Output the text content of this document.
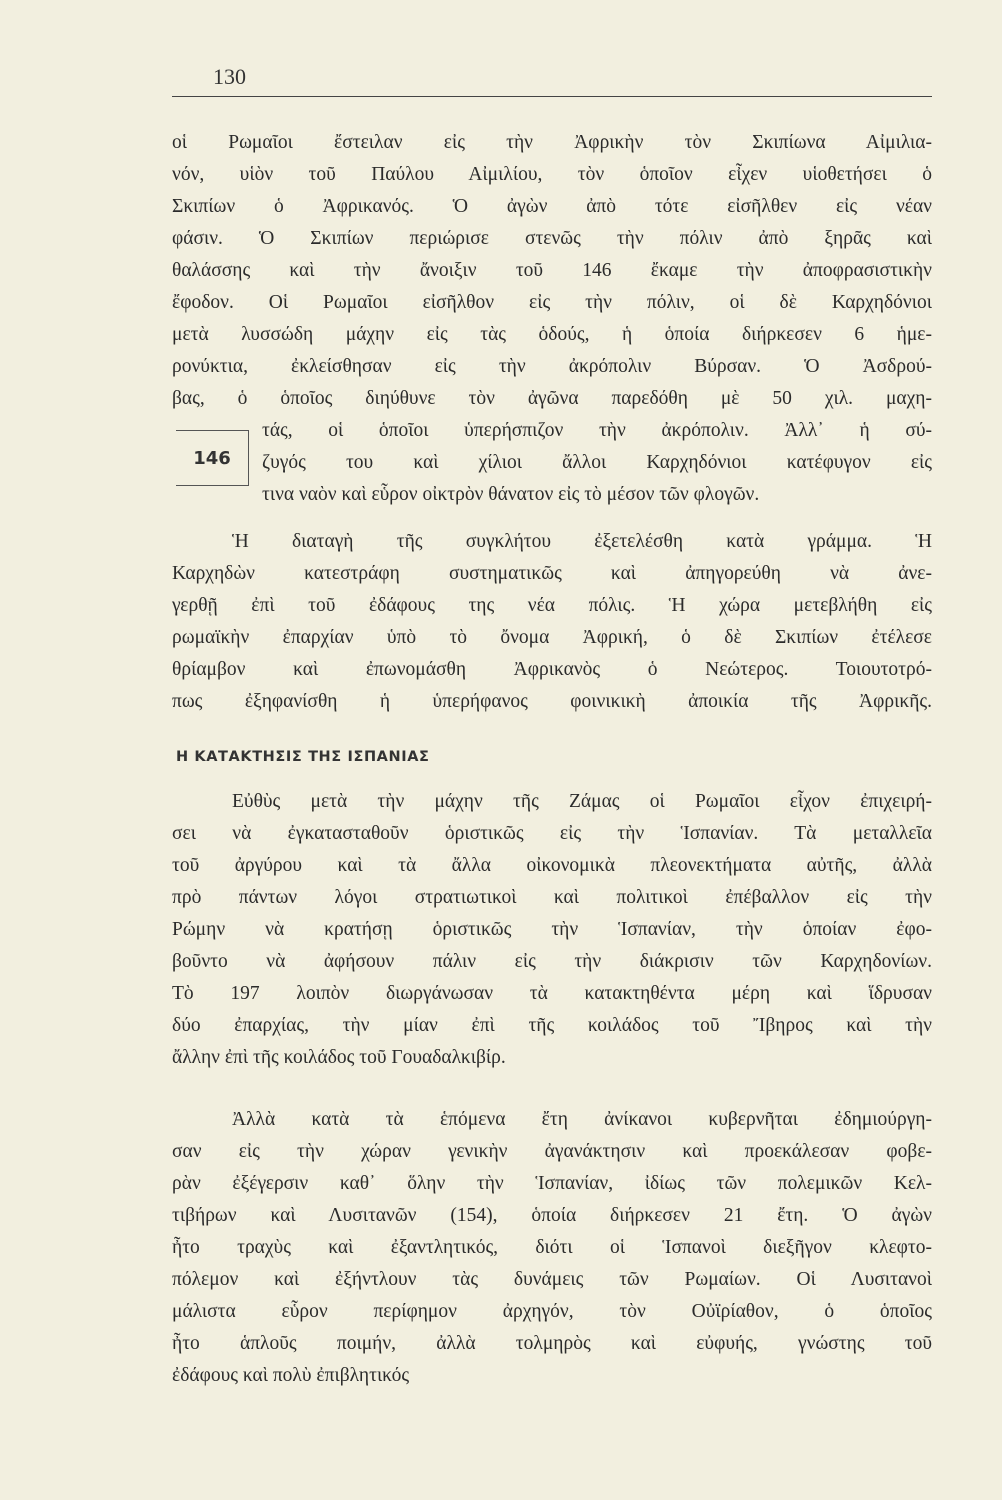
130
οἱ Ρωμαῖοι ἔστειλαν εἰς τὴν Ἀφρικὴν τὸν Σκιπίωνα Αἰμιλια-
νόν, υἱὸν τοῦ Παύλου Αἰμιλίου, τὸν ὁποῖον εἶχεν υἱοθετήσει ὁ
Σκιπίων ὁ Ἀφρικανός. Ὁ ἀγὼν ἀπὸ τότε εἰσῆλθεν εἰς νέαν
φάσιν. Ὁ Σκιπίων περιώρισε στενῶς τὴν πόλιν ἀπὸ ξηρᾶς καὶ
θαλάσσης καὶ τὴν ἄνοιξιν τοῦ 146 ἔκαμε τὴν ἀποφρασιστικὴν
ἔφοδον. Οἱ Ρωμαῖοι εἰσῆλθον εἰς τὴν πόλιν, οἱ δὲ Καρχηδόνιοι
μετὰ λυσσώδη μάχην εἰς τὰς ὁδούς, ἡ ὁποία διήρκεσεν 6 ἡμε-
ρονύκτια, ἐκλείσθησαν εἰς τὴν ἀκρόπολιν Βύρσαν. Ὁ Ἀσδρού-
βας, ὁ ὁποῖος διηύθυνε τὸν ἀγῶνα παρεδόθη μὲ 50 χιλ. μαχη-
τάς, οἱ ὁποῖοι ὑπερήσπιζον τὴν ἀκρόπολιν. Ἀλλ᾽ ἡ σύ-
ζυγός του καὶ χίλιοι ἄλλοι Καρχηδόνιοι κατέφυγον εἰς
τινα ναὸν καὶ εὗρον οἰκτρὸν θάνατον εἰς τὸ μέσον τῶν φλογῶν.
146
Ἡ διαταγὴ τῆς συγκλήτου ἐξετελέσθη κατὰ γράμμα. Ἡ
Καρχηδὼν κατεστράφη συστηματικῶς καὶ ἀπηγορεύθη νὰ ἀνε-
γερθῇ ἐπὶ τοῦ ἐδάφους της νέα πόλις. Ἡ χώρα μετεβλήθη εἰς
ρωμαϊκὴν ἐπαρχίαν ὑπὸ τὸ ὄνομα Ἀφρική, ὁ δὲ Σκιπίων ἐτέλεσε
θρίαμβον καὶ ἐπωνομάσθη Ἀφρικανὸς ὁ Νεώτερος. Τοιουτοτρό-
πως ἐξηφανίσθη ἡ ὑπερήφανος φοινικικὴ ἀποικία τῆς Ἀφρικῆς.
Η ΚΑΤΑΚΤΗΣΙΣ ΤΗΣ ΙΣΠΑΝΙΑΣ
Εὐθὺς μετὰ τὴν μάχην τῆς Ζάμας οἱ Ρωμαῖοι εἶχον ἐπιχειρή-
σει νὰ ἐγκατασταθοῦν ὁριστικῶς εἰς τὴν Ἱσπανίαν. Τὰ μεταλλεῖα
τοῦ ἀργύρου καὶ τὰ ἄλλα οἰκονομικὰ πλεονεκτήματα αὐτῆς, ἀλλὰ
πρὸ πάντων λόγοι στρατιωτικοὶ καὶ πολιτικοὶ ἐπέβαλλον εἰς τὴν
Ρώμην νὰ κρατήσῃ ὁριστικῶς τὴν Ἱσπανίαν, τὴν ὁποίαν ἐφο-
βοῦντο νὰ ἀφήσουν πάλιν εἰς τὴν διάκρισιν τῶν Καρχηδονίων.
Τὸ 197 λοιπὸν διωργάνωσαν τὰ κατακτηθέντα μέρη καὶ ἵδρυσαν
δύο ἐπαρχίας, τὴν μίαν ἐπὶ τῆς κοιλάδος τοῦ Ἴβηρος καὶ τὴν
ἄλλην ἐπὶ τῆς κοιλάδος τοῦ Γουαδαλκιβίρ.
Ἀλλὰ κατὰ τὰ ἑπόμενα ἔτη ἀνίκανοι κυβερνῆται ἐδημιούργη-
σαν εἰς τὴν χώραν γενικὴν ἀγανάκτησιν καὶ προεκάλεσαν φοβε-
ρὰν ἐξέγερσιν καθ᾽ ὅλην τὴν Ἱσπανίαν, ἰδίως τῶν πολεμικῶν Κελ-
τιβήρων καὶ Λυσιτανῶν (154), ὁποία διήρκεσεν 21 ἔτη. Ὁ ἀγὼν
ἦτο τραχὺς καὶ ἐξαντλητικός, διότι οἱ Ἱσπανοὶ διεξῆγον κλεφτο-
πόλεμον καὶ ἐξήντλουν τὰς δυνάμεις τῶν Ρωμαίων. Οἱ Λυσιτανοὶ
μάλιστα εὗρον περίφημον ἀρχηγόν, τὸν Οὐϊρίαθον, ὁ ὁποῖος
ἦτο ἁπλοῦς ποιμήν, ἀλλὰ τολμηρὸς καὶ εὐφυής, γνώστης τοῦ
ἐδάφους καὶ πολὺ ἐπιβλητικός
